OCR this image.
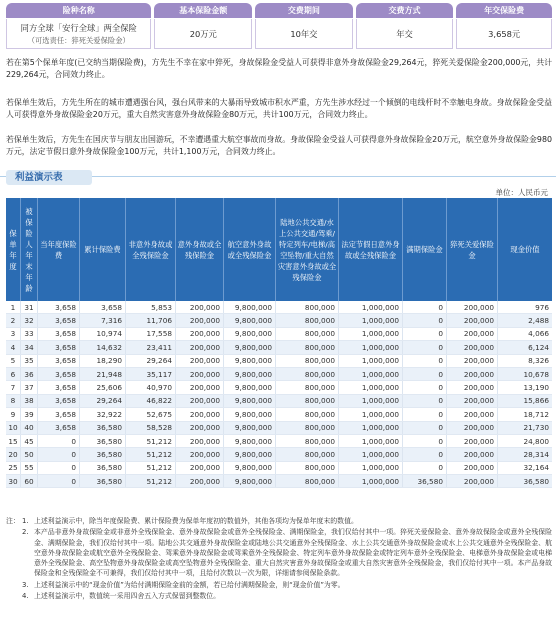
险种名称	基本保险金额	交费期间	交费方式	年交保险费
同方全球「安行全球」两全保险
（可选责任：猝死关爱保险金）
20万元	10年交	年交	3,658元

若在第5个保单年度(已交纳当期保险费)，方先生不幸在家中猝死，身故保险金受益人可获得非意外身故保险金29,264元，猝死关爱保险金200,000元，共计229,264元，合同效力终止。

若保单生效后，方先生所在的城市遭遇强台风，强台风带来的大暴雨导致城市积水严重，方先生涉水经过一个倾倒的电线杆时不幸触电身故。身故保险金受益人可获得意外身故保险金20万元，重大自然灾害意外身故保险金80万元，共计100万元，合同效力终止。

若保单生效后，方先生在国庆节与朋友出国游玩，不幸遭遇重大航空事故而身故。身故保险金受益人可获得意外身故保险金20万元，航空意外身故保险金980万元，法定节假日意外身故保险金100万元，共计1,100万元，合同效力终止。

利益演示表
单位：人民币元
保单年度
被保险人年末年龄
当年度保险费
累计保险费
非意外身故或全残保险金
意外身故或全残保险金
航空意外身故或全残保险金
陆地公共交通/水上公共交通/驾乘/特定列车/电梯/高空坠物/重大自然灾害意外身故或全残保险金
法定节假日意外身故或全残保险金
满期保险金
猝死关爱保险金
现金价值
1	31	3,658	3,658	5,853	200,000	9,800,000	800,000	1,000,000	0	200,000	976
2	32	3,658	7,316	11,706	200,000	9,800,000	800,000	1,000,000	0	200,000	2,488
3	33	3,658	10,974	17,558	200,000	9,800,000	800,000	1,000,000	0	200,000	4,066
4	34	3,658	14,632	23,411	200,000	9,800,000	800,000	1,000,000	0	200,000	6,124
5	35	3,658	18,290	29,264	200,000	9,800,000	800,000	1,000,000	0	200,000	8,326
6	36	3,658	21,948	35,117	200,000	9,800,000	800,000	1,000,000	0	200,000	10,678
7	37	3,658	25,606	40,970	200,000	9,800,000	800,000	1,000,000	0	200,000	13,190
8	38	3,658	29,264	46,822	200,000	9,800,000	800,000	1,000,000	0	200,000	15,866
9	39	3,658	32,922	52,675	200,000	9,800,000	800,000	1,000,000	0	200,000	18,712
10 40	3,658	36,580	58,528	200,000	9,800,000	800,000	1,000,000	0	200,000	21,730
15 45	0	36,580	51,212	200,000	9,800,000	800,000	1,000,000	0	200,000	24,800
20 50	0	36,580	51,212	200,000	9,800,000	800,000	1,000,000	0	200,000	28,314
25 55	0	36,580	51,212	200,000	9,800,000	800,000	1,000,000	0	200,000	32,164
30 60	0	36,580	51,212	200,000	9,800,000	800,000	1,000,000	36,580	200,000	36,580
注： 1. 上述利益演示中，除当年度保险费、累计保险费为保单年度初的数值外，其他各项均为保单年度末的数值。
2. 本产品非意外身故保险金或非意外全残保险金、意外身故保险金或意外全残保险金、满期保险金，我们仅给付其中一项。猝死关爱保险金、意外身故保险金或意外全残保险金、满期保险金，我们仅给付其中一项。陆地公共交通意外身故保险金或陆地公共交通意外全残保险金、水上公共交通意外身故保险金或水上公共交通意外全残保险金、航空意外身故保险金或航空意外全残保险金、驾乘意外身故保险金或驾乘意外全残保险金、特定列车意外身故保险金或特定列车意外全残保险金、电梯意外身故保险金或电梯意外全残保险金、高空坠物意外身故保险金或高空坠物意外全残保险金、重大自然灾害意外身故保险金或重大自然灾害意外全残保险金，我们仅给付其中一项。本产品身故保险金和全残保险金不可兼得，我们仅给付其中一项，且给付次数以一次为限，详细请参阅保险条款。
3. 上述利益演示中的“现金价值”为给付满期保险金前的金额，若已给付满期保险金，则“现金价值”为零。
4. 上述利益演示中，数值统一采用四舍五入方式保留到整数位。
